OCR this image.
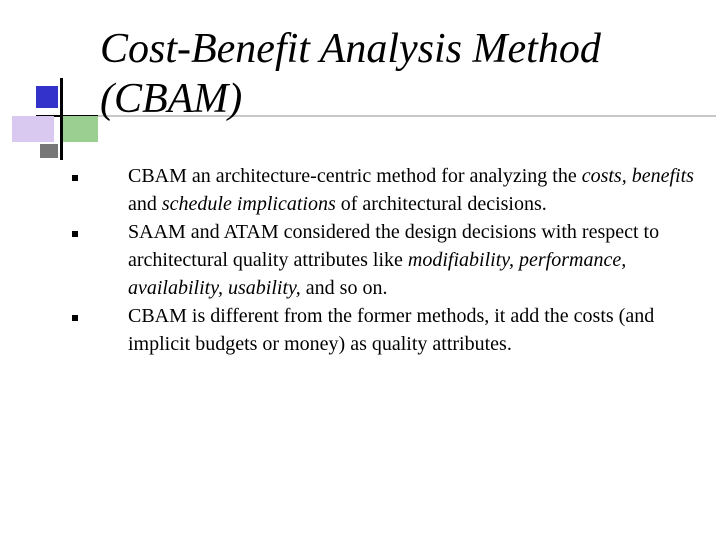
Cost-Benefit Analysis Method
(CBAM)
CBAM an architecture-centric method for analyzing the costs, benefits and schedule implications of architectural decisions.
SAAM and ATAM considered the design decisions with respect to architectural quality attributes like modifiability, performance, availability, usability, and so on.
CBAM is different from the former methods, it add the costs (and implicit budgets or money) as quality attributes.
